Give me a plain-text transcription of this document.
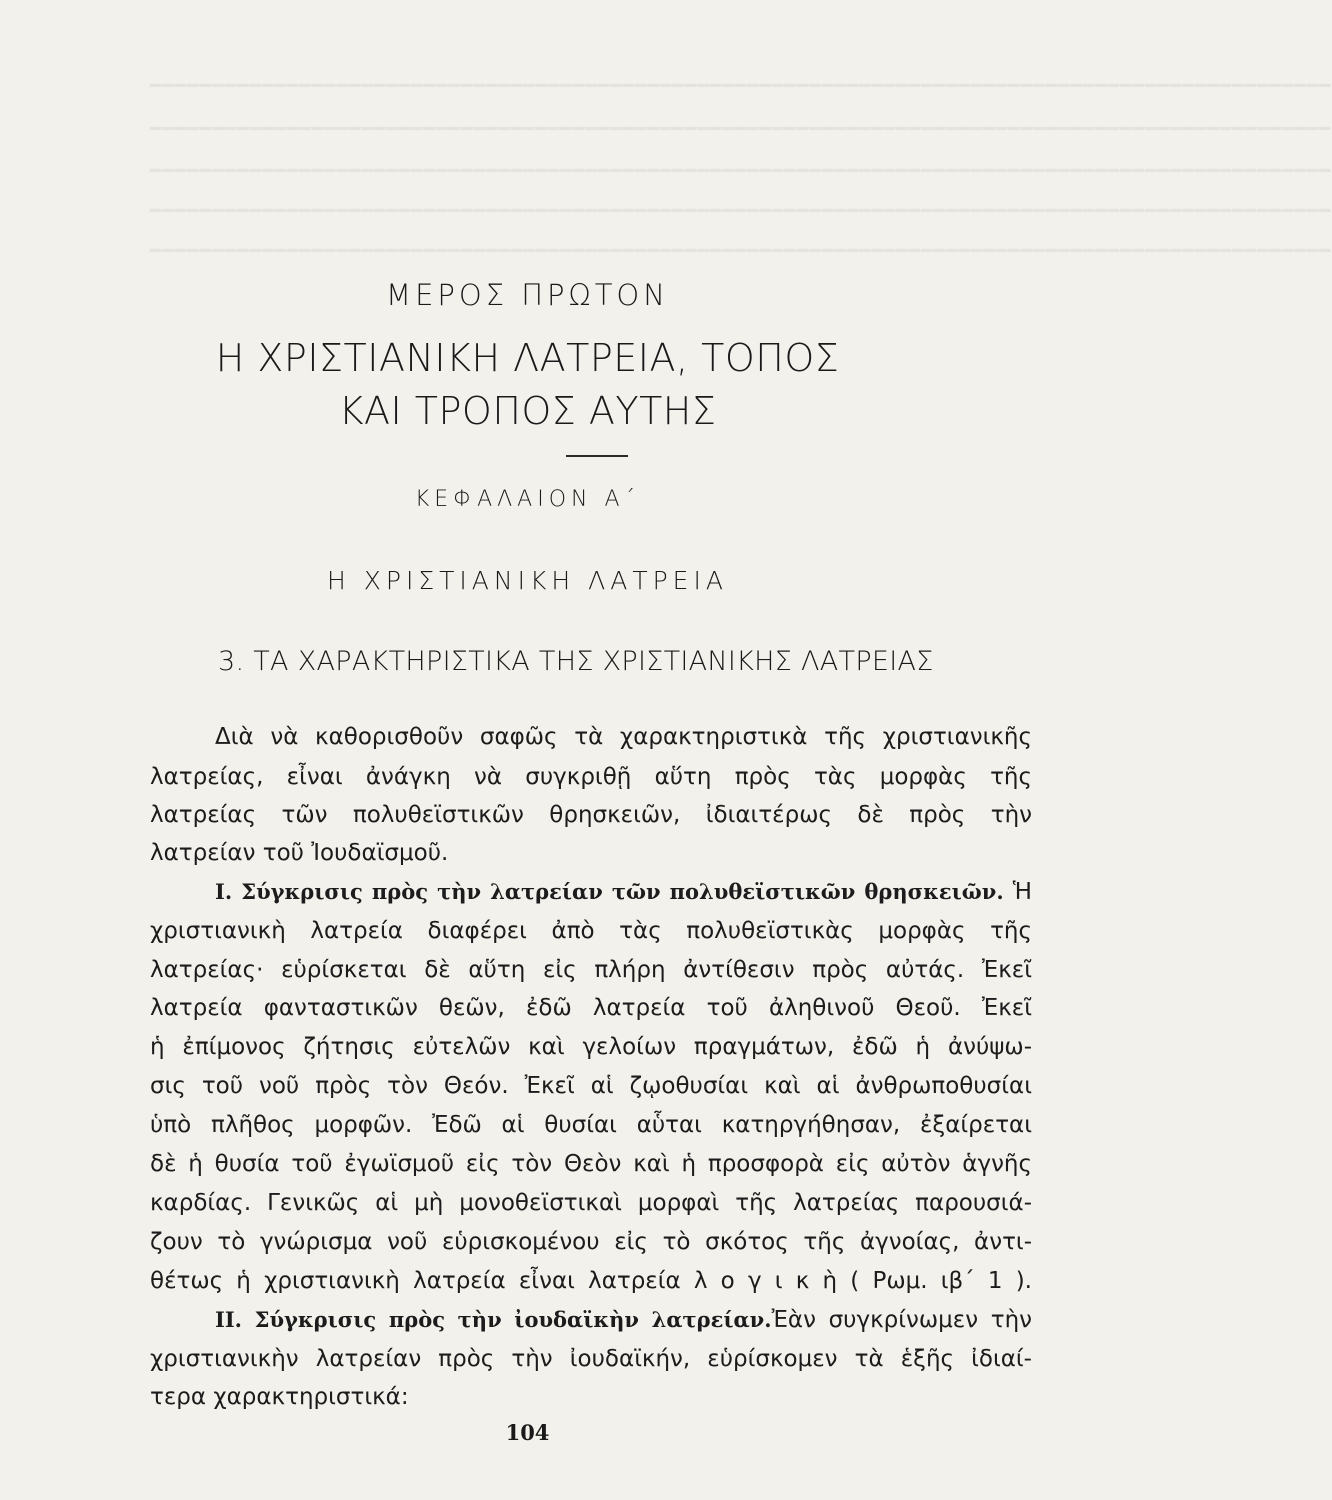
━━━━━━━━━━━━━━━━━━━━━━━━━━━━━━━━━━━━━━━━━━━━━━━━━━━━━━━━━━━━━━━━━━━━━━━━━━━━━━━━━━━━━━━━━━━━━━━
━━━━━━━━━━━━━━━━━━━━━━━━━━━━━━━━━━━━━━━━━━━━━━━━━━━━━━━━━━━━━━━━━━━━━━━━━━━━━━━━━━━━━━━━━━━━━━━
━━━━━━━━━━━━━━━━━━━━━━━━━━━━━━━━━━━━━━━━━━━━━━━━━━━━━━━━━━━━━━━━━━━━━━━━━━━━━━━━━━━━━━━━━━━━━━━
━━━━━━━━━━━━━━━━━━━━━━━━━━━━━━━━━━━━━━━━━━━━━━━━━━━━━━━━━━━━━━━━━━━━━━━━━━━━━━━━━━━━━━━━━━━━━━━
━━━━━━━━━━━━━━━━━━━━━━━━━━━━━━━━━━━━━━━━━━━━━━━━━━━━━━━━━━━━━━━━━━━━━━━━━━━━━━━━━━━━━━━━━━━━━━━
ΜΕΡΟΣ ΠΡΩΤΟΝ
Η ΧΡΙΣΤΙΑΝΙΚΗ ΛΑΤΡΕΙΑ, ΤΟΠΟΣ
ΚΑΙ ΤΡΟΠΟΣ ΑΥΤΗΣ
ΚΕΦΑΛΑΙΟΝ Α΄
Η ΧΡΙΣΤΙΑΝΙΚΗ ΛΑΤΡΕΙΑ
3. ΤΑ ΧΑΡΑΚΤΗΡΙΣΤΙΚΑ ΤΗΣ ΧΡΙΣΤΙΑΝΙΚΗΣ ΛΑΤΡΕΙΑΣ
Διὰ νὰ καθορισθοῦν σαφῶς τὰ χαρακτηριστικὰ τῆς χριστιανικῆς
λατρείας, εἶναι ἀνάγκη νὰ συγκριθῇ αὕτη πρὸς τὰς μορφὰς τῆς
λατρείας τῶν πολυθεϊστικῶν θρησκειῶν, ἰδιαιτέρως δὲ πρὸς τὴν
λατρείαν τοῦ Ἰουδαϊσμοῦ.
Ι. Σύγκρισις πρὸς τὴν λατρείαν τῶν πολυθεϊστικῶν θρησκειῶν. Ἡ
χριστιανικὴ λατρεία διαφέρει ἀπὸ τὰς πολυθεϊστικὰς μορφὰς τῆς
λατρείας· εὑρίσκεται δὲ αὕτη εἰς πλήρη ἀντίθεσιν πρὸς αὐτάς. Ἐκεῖ
λατρεία φανταστικῶν θεῶν, ἐδῶ λατρεία τοῦ ἀληθινοῦ Θεοῦ. Ἐκεῖ
ἡ ἐπίμονος ζήτησις εὐτελῶν καὶ γελοίων πραγμάτων, ἐδῶ ἡ ἀνύψω-
σις τοῦ νοῦ πρὸς τὸν Θεόν. Ἐκεῖ αἱ ζῳοθυσίαι καὶ αἱ ἀνθρωποθυσίαι
ὑπὸ πλῆθος μορφῶν. Ἐδῶ αἱ θυσίαι αὗται κατηργήθησαν, ἐξαίρεται
δὲ ἡ θυσία τοῦ ἐγωϊσμοῦ εἰς τὸν Θεὸν καὶ ἡ προσφορὰ εἰς αὐτὸν ἁγνῆς
καρδίας. Γενικῶς αἱ μὴ μονοθεϊστικαὶ μορφαὶ τῆς λατρείας παρουσιά-
ζουν τὸ γνώρισμα νοῦ εὑρισκομένου εἰς τὸ σκότος τῆς ἀγνοίας, ἀντι-
θέτως ἡ χριστιανικὴ λατρεία εἶναι λατρεία λ ο γ ι κ ὴ ( Ρωμ. ιβ΄ 1 ).
ΙΙ. Σύγκρισις πρὸς τὴν ἰουδαϊκὴν λατρείαν.Ἐὰν συγκρίνωμεν τὴν
χριστιανικὴν λατρείαν πρὸς τὴν ἰουδαϊκήν, εὑρίσκομεν τὰ ἑξῆς ἰδιαί-
τερα χαρακτηριστικά:
104
